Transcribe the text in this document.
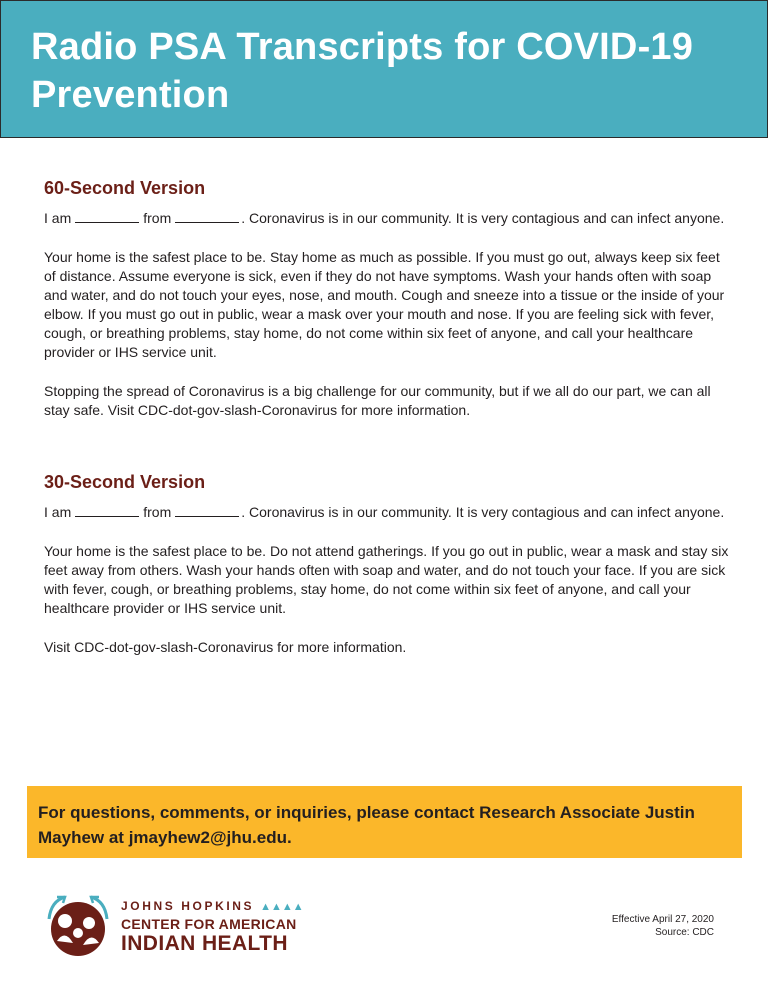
Radio PSA Transcripts for COVID-19 Prevention
60-Second Version

I am	from	. Coronavirus is in our community. It is very contagious and can infect anyone.

Your home is the safest place to be. Stay home as much as possible. If you must go out, always keep six feet of distance. Assume everyone is sick, even if they do not have symptoms. Wash your hands often with soap and water, and do not touch your eyes, nose, and mouth. Cough and sneeze into a tissue or the inside of your elbow. If you must go out in public, wear a mask over your mouth and nose. If you are feeling sick with fever, cough, or breathing problems, stay home, do not come within six feet of anyone, and call your healthcare provider or IHS service unit.

Stopping the spread of Coronavirus is a big challenge for our community, but if we all do our part, we can all stay safe. Visit CDC-dot-gov-slash-Coronavirus for more information.

30-Second Version

I am	from	. Coronavirus is in our community. It is very contagious and can infect anyone.

Your home is the safest place to be. Do not attend gatherings. If you go out in public, wear a mask and stay six feet away from others. Wash your hands often with soap and water, and do not touch your face. If you are sick with fever, cough, or breathing problems, stay home, do not come within six feet of anyone, and call your healthcare provider or IHS service unit.

Visit CDC-dot-gov-slash-Coronavirus for more information.

For questions, comments, or inquiries, please contact Research Associate Justin Mayhew at jmayhew2@jhu.edu.

JOHNS HOPKINS ▲▲▲▲
CENTER FOR AMERICAN
INDIAN HEALTH
Effective April 27, 2020
Source: CDC
